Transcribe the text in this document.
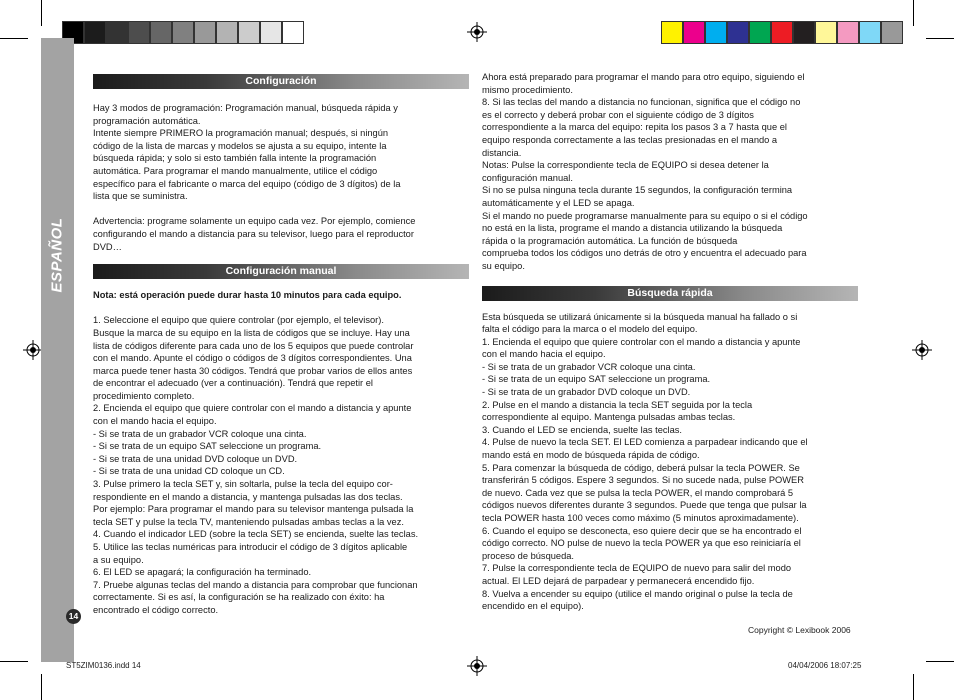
ESPAÑOL
14
Configuración

Hay 3 modos de programación: Programación manual, búsqueda rápida y

programación automática.

Intente siempre PRIMERO la programación manual; después, si ningún

código de la lista de marcas y modelos se ajusta a su equipo, intente la

búsqueda rápida; y solo si esto también falla intente la programación

automática. Para programar el mando manualmente, utilice el código

específico para el fabricante o marca del equipo (código de 3 dígitos) de la

lista que se suministra.

Advertencia: programe solamente un equipo cada vez. Por ejemplo, comience

configurando el mando a distancia para su televisor, luego para el reproductor

DVD…

Configuración manual

Nota: está operación puede durar hasta 10 minutos para cada equipo.

1. Seleccione el equipo que quiere controlar (por ejemplo, el televisor).

Busque la marca de su equipo en la lista de códigos que se incluye. Hay una

lista de códigos diferente para cada uno de los 5 equipos que puede controlar

con el mando. Apunte el código o códigos de 3 dígitos correspondientes. Una

marca puede tener hasta 30 códigos. Tendrá que probar varios de ellos antes

de encontrar el adecuado (ver a continuación). Tendrá que repetir el

procedimiento completo.

2. Encienda el equipo que quiere controlar con el mando a distancia y apunte

con el mando hacia el equipo.

- Si se trata de un grabador VCR coloque una cinta.

- Si se trata de un equipo SAT seleccione un programa.

- Si se trata de una unidad DVD coloque un DVD.

- Si se trata de una unidad CD coloque un CD.

3. Pulse primero la tecla SET y, sin soltarla, pulse la tecla del equipo cor-

respondiente en el mando a distancia, y mantenga pulsadas las dos teclas.

Por ejemplo: Para programar el mando para su televisor mantenga pulsada la

tecla SET y pulse la tecla TV, manteniendo pulsadas ambas teclas a la vez.

4. Cuando el indicador LED (sobre la tecla SET) se encienda, suelte las teclas.

5. Utilice las teclas numéricas para introducir el código de 3 dígitos aplicable

a su equipo.

6. El LED se apagará; la configuración ha terminado.

7. Pruebe algunas teclas del mando a distancia para comprobar que funcionan

correctamente. Si es así, la configuración se ha realizado con éxito: ha

encontrado el código correcto.

Ahora está preparado para programar el mando para otro equipo, siguiendo el

mismo procedimiento.

8. Si las teclas del mando a distancia no funcionan, significa que el código no

es el correcto y deberá probar con el siguiente código de 3 dígitos

correspondiente a la marca del equipo: repita los pasos 3 a 7 hasta que el

equipo responda correctamente a las teclas presionadas en el mando a

distancia.

Notas: Pulse la correspondiente tecla de EQUIPO si desea detener la

configuración manual.

Si no se pulsa ninguna tecla durante 15 segundos, la configuración termina

automáticamente y el LED se apaga.

Si el mando no puede programarse manualmente para su equipo o si el código

no está en la lista, programe el mando a distancia utilizando la búsqueda

rápida o la programación automática. La función de búsqueda

comprueba todos los códigos uno detrás de otro y encuentra el adecuado para

su equipo.

Búsqueda rápida

Esta búsqueda se utilizará únicamente si la búsqueda manual ha fallado o si

falta el código para la marca o el modelo del equipo.

1. Encienda el equipo que quiere controlar con el mando a distancia y apunte

con el mando hacia el equipo.

- Si se trata de un grabador VCR coloque una cinta.

- Si se trata de un equipo SAT seleccione un programa.

- Si se trata de un grabador DVD coloque un DVD.

2. Pulse en el mando a distancia la tecla SET seguida por la tecla

correspondiente al equipo. Mantenga pulsadas ambas teclas.

3. Cuando el LED se encienda, suelte las teclas.

4. Pulse de nuevo la tecla SET. El LED comienza a parpadear indicando que el

mando está en modo de búsqueda rápida de código.

5. Para comenzar la búsqueda de código, deberá pulsar la tecla POWER. Se

transferirán 5 códigos. Espere 3 segundos. Si no sucede nada, pulse POWER

de nuevo. Cada vez que se pulsa la tecla POWER, el mando comprobará 5

códigos nuevos diferentes durante 3 segundos. Puede que tenga que pulsar la

tecla POWER hasta 100 veces como máximo (5 minutos aproximadamente).

6. Cuando el equipo se desconecta, eso quiere decir que se ha encontrado el

código correcto. NO pulse de nuevo la tecla POWER ya que eso reiniciaría el

proceso de búsqueda.

7. Pulse la correspondiente tecla de EQUIPO de nuevo para salir del modo

actual. El LED dejará de parpadear y permanecerá encendido fijo.

8. Vuelva a encender su equipo (utilice el mando original o pulse la tecla de

encendido en el equipo).

Copyright © Lexibook 2006
ST5ZIM0136.indd 14	04/04/2006 18:07:25
